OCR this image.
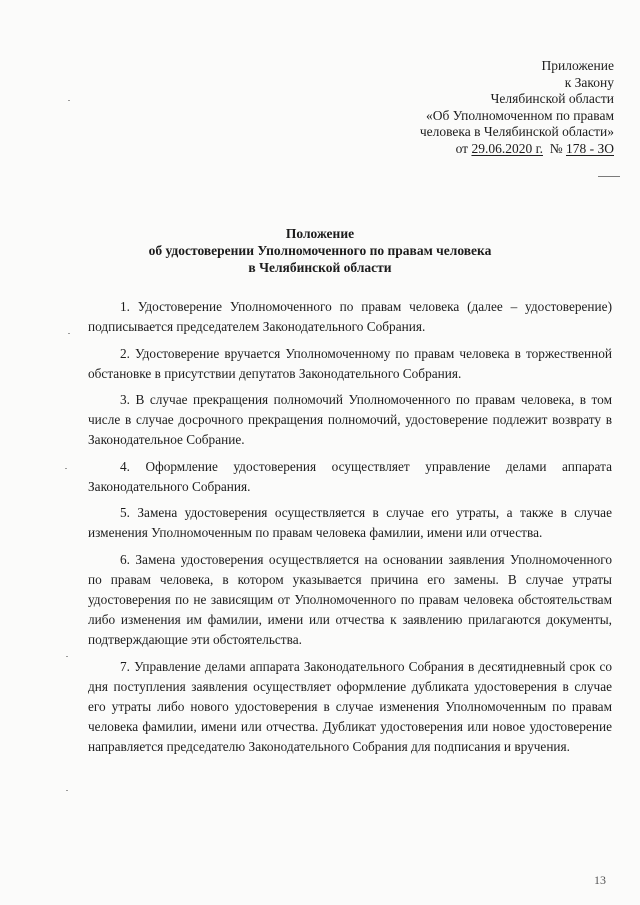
Приложение
к Закону
Челябинской области
«Об Уполномоченном по правам
человека в Челябинской области»
от 29.06.2020 г. № 178 - ЗО
Положение
об удостоверении Уполномоченного по правам человека
в Челябинской области

1. Удостоверение Уполномоченного по правам человека (далее – удостоверение) подписывается председателем Законодательного Собрания.

2. Удостоверение вручается Уполномоченному по правам человека в торжественной обстановке в присутствии депутатов Законодательного Собрания.

3. В случае прекращения полномочий Уполномоченного по правам человека, в том числе в случае досрочного прекращения полномочий, удостоверение подлежит возврату в Законодательное Собрание.

4. Оформление удостоверения осуществляет управление делами аппарата Законодательного Собрания.

5. Замена удостоверения осуществляется в случае его утраты, а также в случае изменения Уполномоченным по правам человека фамилии, имени или отчества.

6. Замена удостоверения осуществляется на основании заявления Уполномоченного по правам человека, в котором указывается причина его замены. В случае утраты удостоверения по не зависящим от Уполномоченного по правам человека обстоятельствам либо изменения им фамилии, имени или отчества к заявлению прилагаются документы, подтверждающие эти обстоятельства.

7. Управление делами аппарата Законодательного Собрания в десятидневный срок со дня поступления заявления осуществляет оформление дубликата удостоверения в случае его утраты либо нового удостоверения в случае изменения Уполномоченным по правам человека фамилии, имени или отчества. Дубликат удостоверения или новое удостоверение направляется председателю Законодательного Собрания для подписания и вручения.

13
